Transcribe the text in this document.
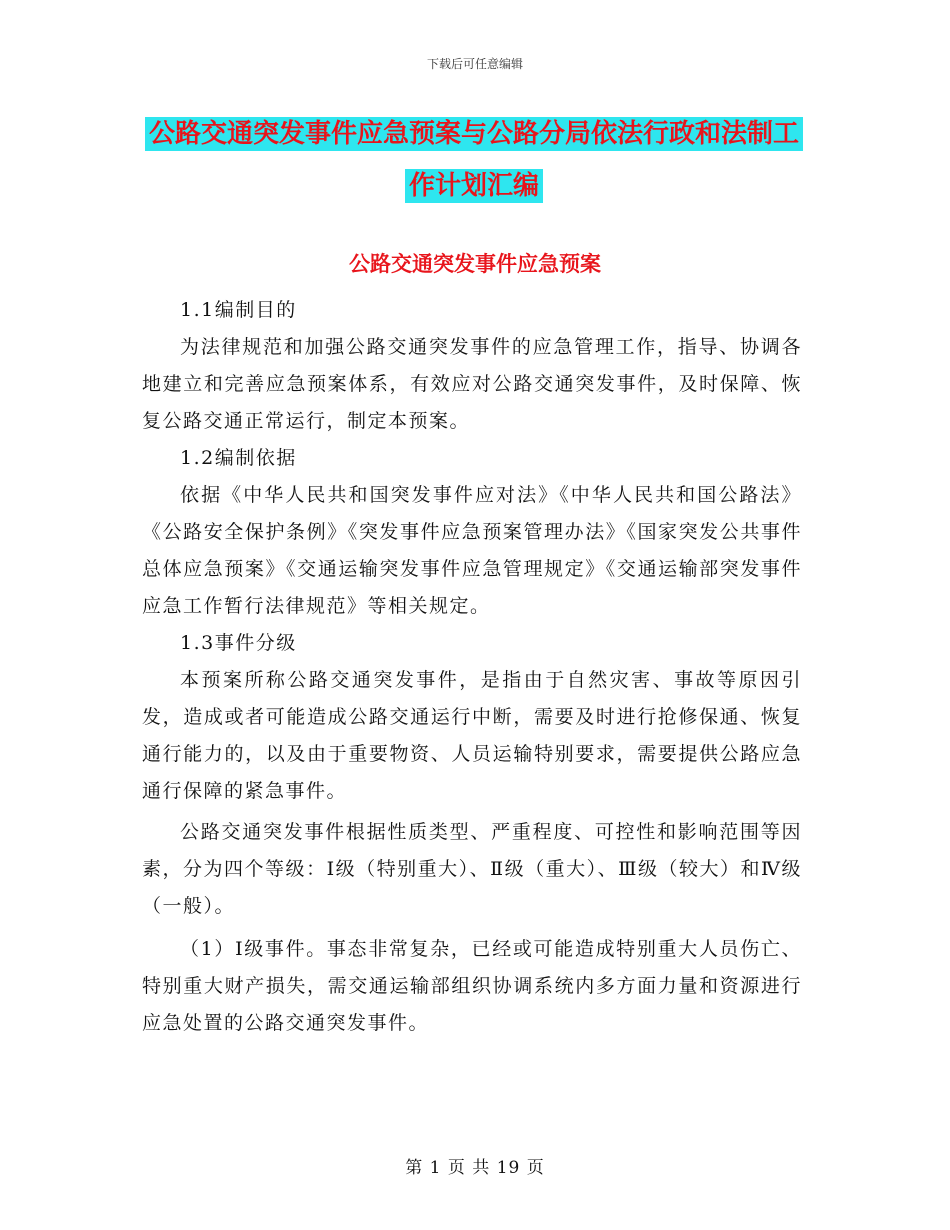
下载后可任意编辑
公路交通突发事件应急预案与公路分局依法行政和法制工作计划汇编
公路交通突发事件应急预案

1.1编制目的

为法律规范和加强公路交通突发事件的应急管理工作，指导、协调各地建立和完善应急预案体系，有效应对公路交通突发事件，及时保障、恢复公路交通正常运行，制定本预案。

1.2编制依据

依据《中华人民共和国突发事件应对法》《中华人民共和国公路法》《公路安全保护条例》《突发事件应急预案管理办法》《国家突发公共事件总体应急预案》《交通运输突发事件应急管理规定》《交通运输部突发事件应急工作暂行法律规范》等相关规定。

1.3事件分级

本预案所称公路交通突发事件，是指由于自然灾害、事故等原因引发，造成或者可能造成公路交通运行中断，需要及时进行抢修保通、恢复通行能力的，以及由于重要物资、人员运输特别要求，需要提供公路应急通行保障的紧急事件。

公路交通突发事件根据性质类型、严重程度、可控性和影响范围等因素，分为四个等级：Ⅰ级（特别重大）、Ⅱ级（重大）、Ⅲ级（较大）和Ⅳ级（一般）。

（1）Ⅰ级事件。事态非常复杂，已经或可能造成特别重大人员伤亡、特别重大财产损失，需交通运输部组织协调系统内多方面力量和资源进行应急处置的公路交通突发事件。

第 1 页 共 19 页
